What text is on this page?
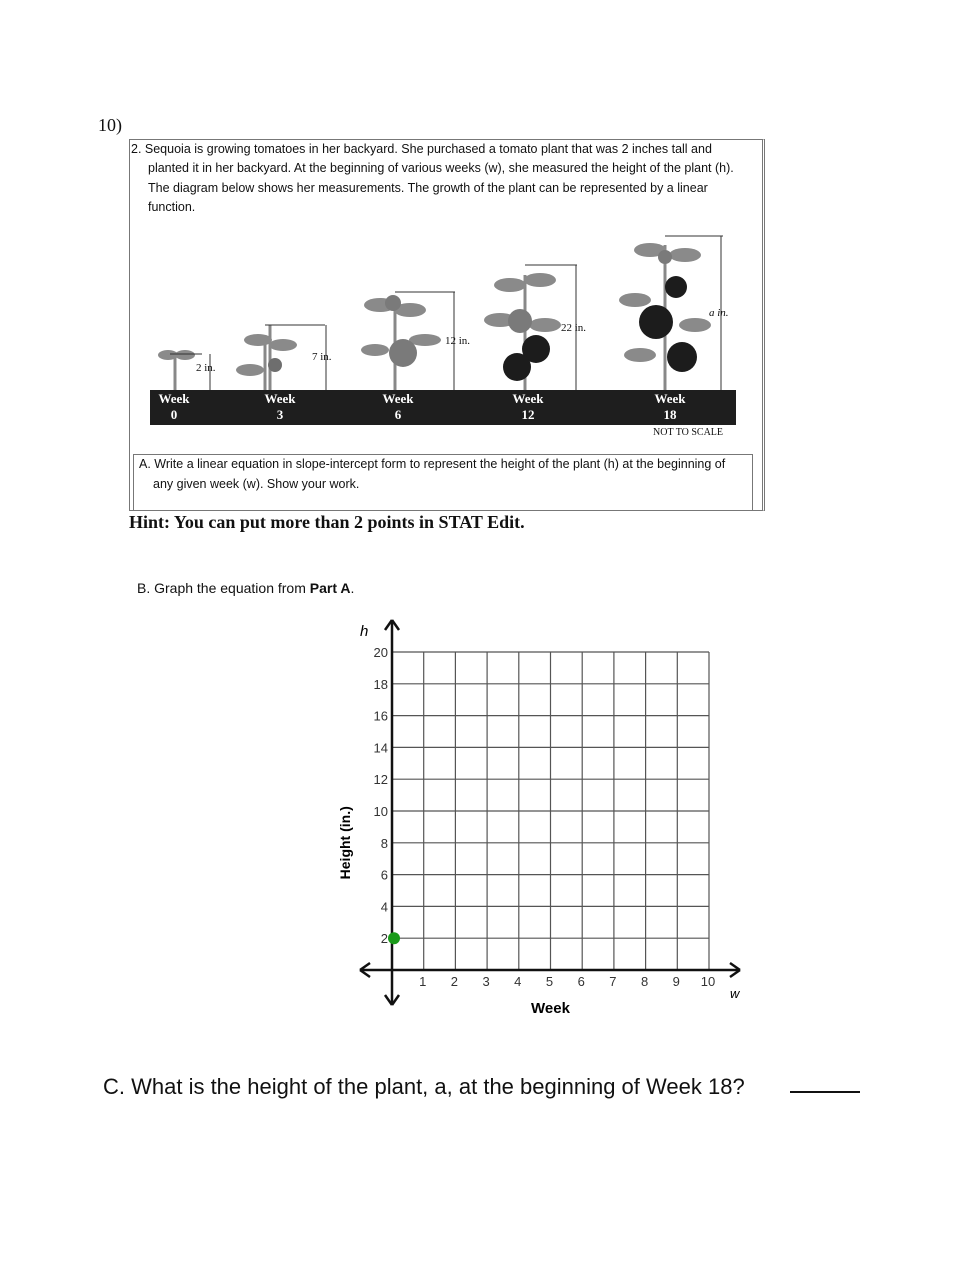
10)
2. Sequoia is growing tomatoes in her backyard. She purchased a tomato plant that was 2 inches tall and
planted it in her backyard. At the beginning of various weeks (w), she measured the height of the plant (h).
The diagram below shows her measurements. The growth of the plant can be represented by a linear
function.
2 in.
7 in.
12 in.
22 in.
a in.
Week
0
Week
3
Week
6
Week
12
Week
18
NOT TO SCALE
A. Write a linear equation in slope-intercept form to represent the height of the plant (h) at the beginning of
any given week (w). Show your work.
Hint: You can put more than 2 points in STAT Edit.
B. Graph the equation from Part A.
1 2 3 4 5 6 7 8 9 10
2
4
6
8
10
12
14
16
18
20
Week
Height (in.)
w
h
C. What is the height of the plant, a, at the beginning of Week 18?
